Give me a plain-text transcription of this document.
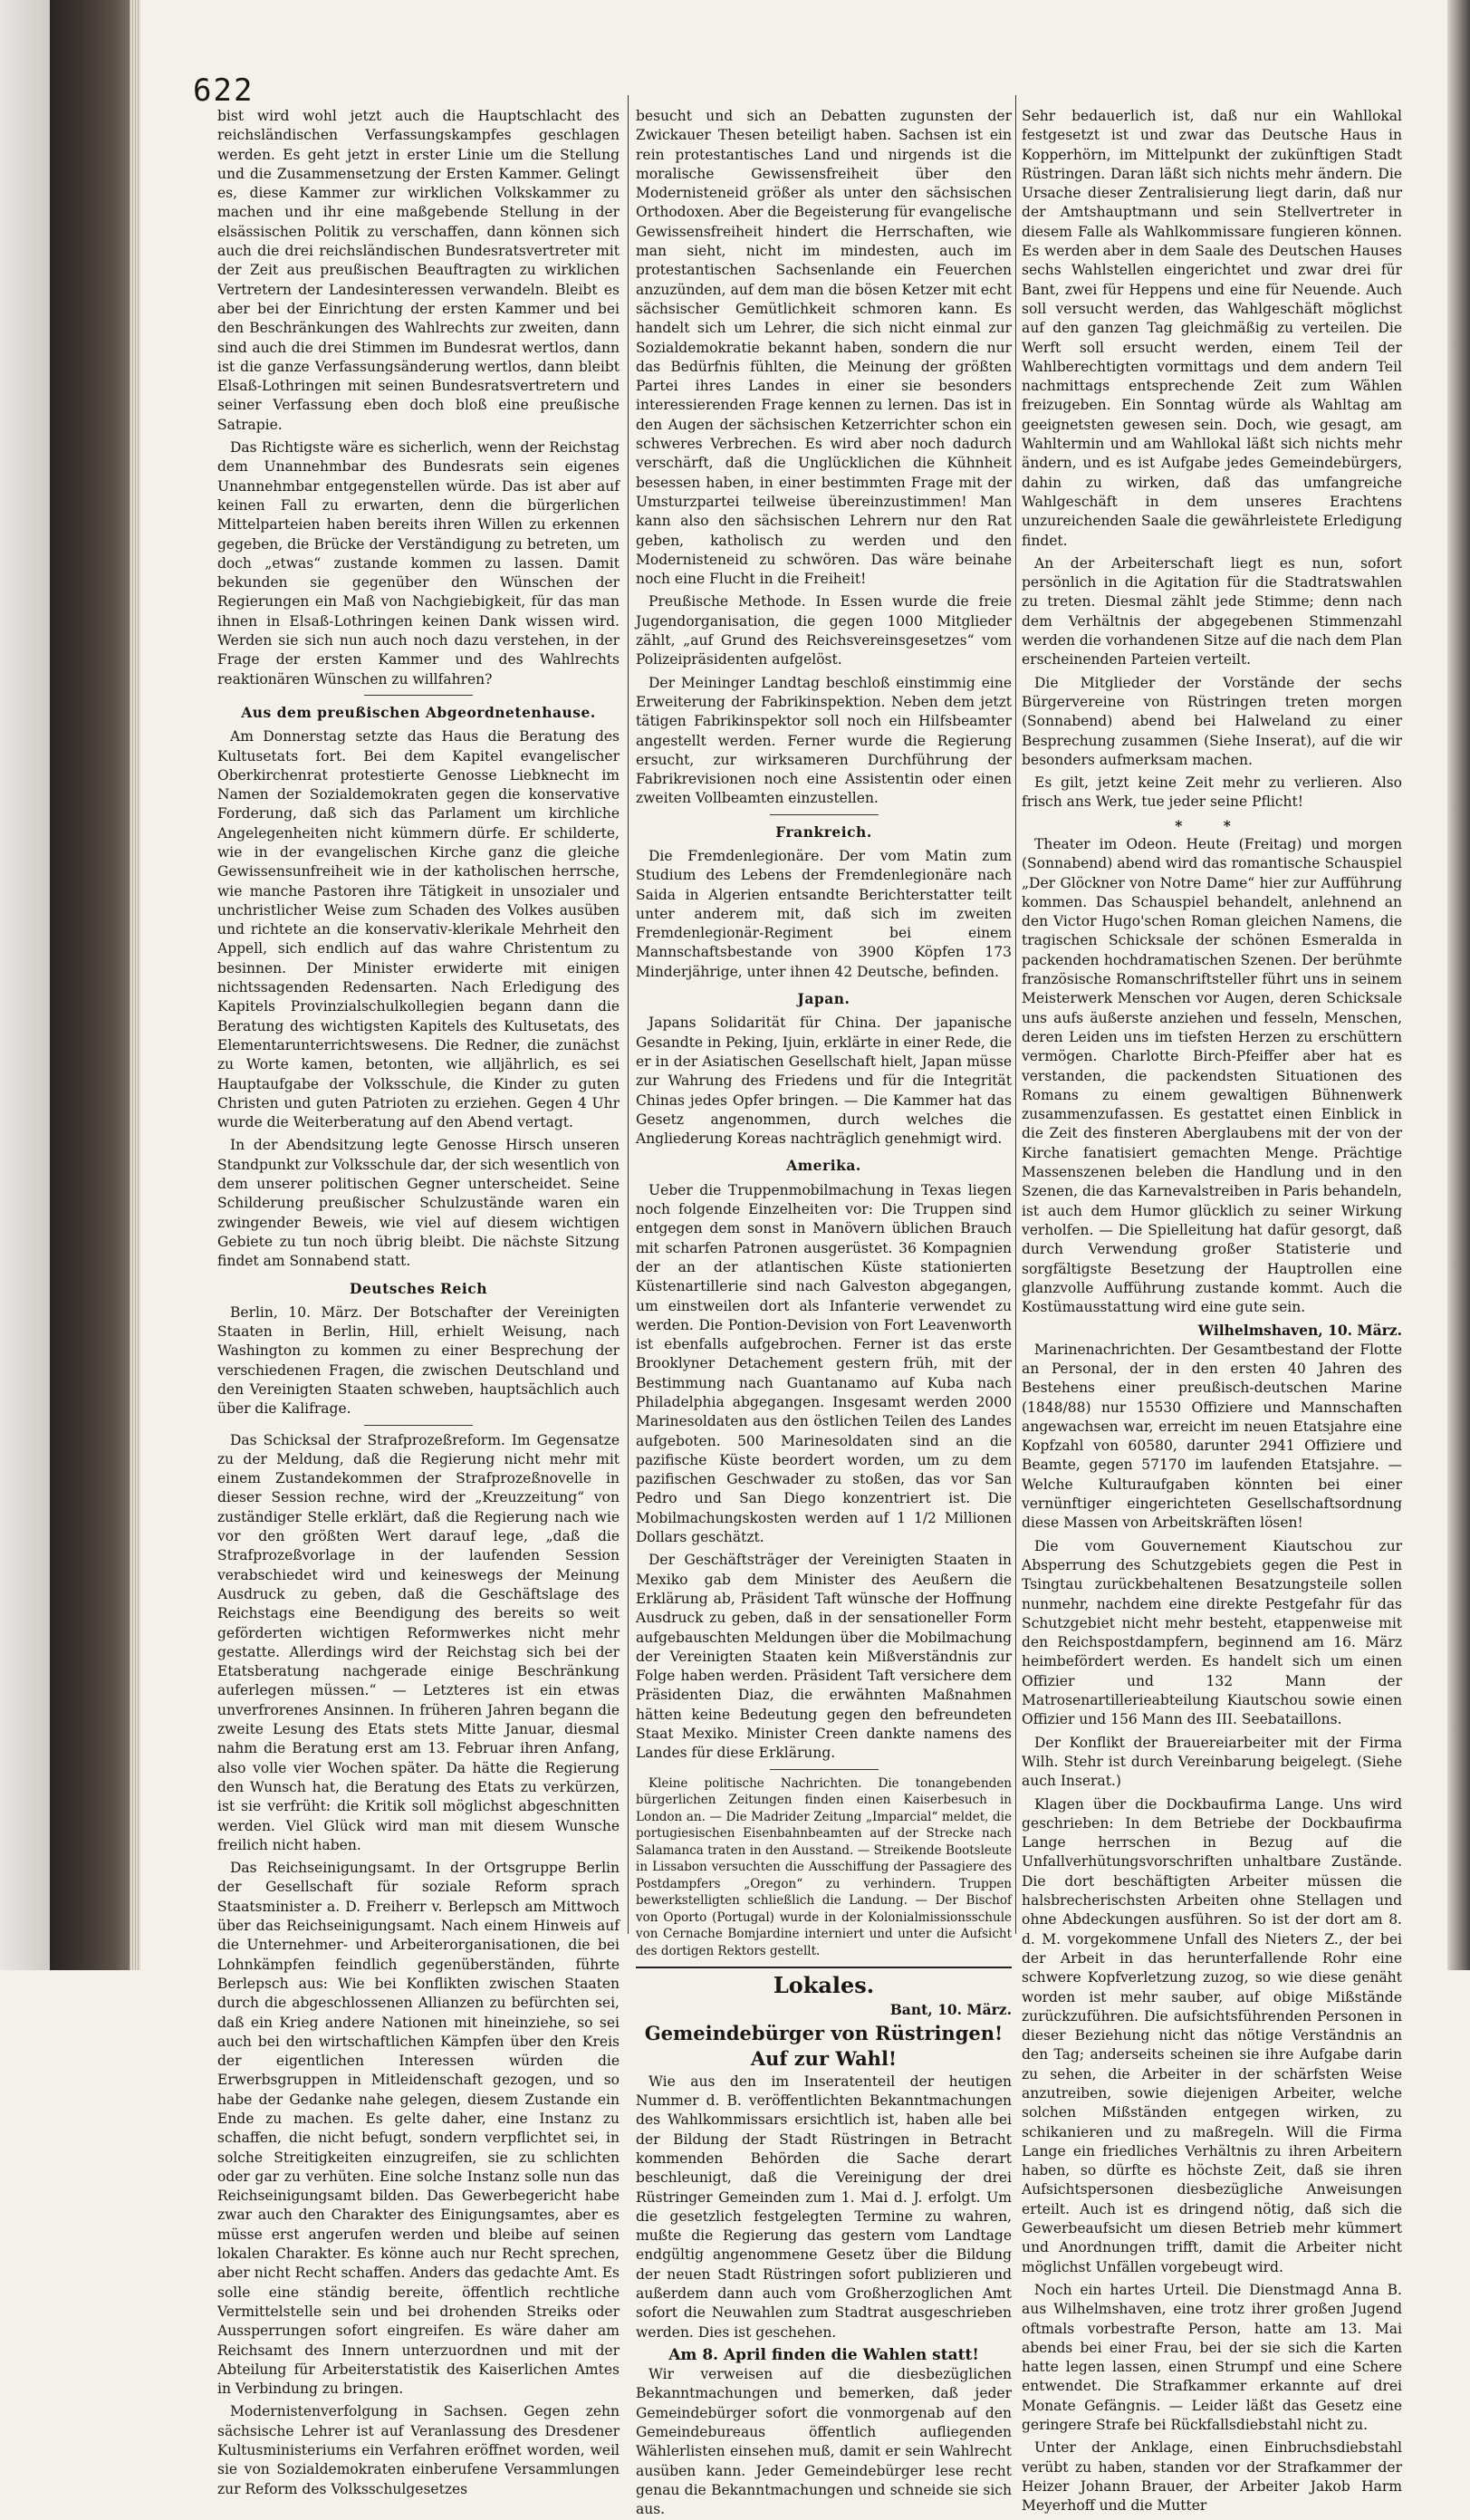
622

bist wird wohl jetzt auch die Hauptschlacht des reichsländischen Verfassungskampfes geschlagen werden. Es geht jetzt in erster Linie um die Stellung und die Zusammensetzung der Ersten Kammer. Gelingt es, diese Kammer zur wirklichen Volkskammer zu machen und ihr eine maßgebende Stellung in der elsässischen Politik zu verschaffen, dann können sich auch die drei reichsländischen Bundesratsvertreter mit der Zeit aus preußischen Beauftragten zu wirklichen Vertretern der Landesinteressen verwandeln. Bleibt es aber bei der Einrichtung der ersten Kammer und bei den Beschränkungen des Wahlrechts zur zweiten, dann sind auch die drei Stimmen im Bundesrat wertlos, dann ist die ganze Verfassungsänderung wertlos, dann bleibt Elsaß-Lothringen mit seinen Bundesratsvertretern und seiner Verfassung eben doch bloß eine preußische Satrapie.

Das Richtigste wäre es sicherlich, wenn der Reichstag dem Unannehmbar des Bundesrats sein eigenes Unannehmbar entgegenstellen würde. Das ist aber auf keinen Fall zu erwarten, denn die bürgerlichen Mittelparteien haben bereits ihren Willen zu erkennen gegeben, die Brücke der Verständigung zu betreten, um doch „etwas“ zustande kommen zu lassen. Damit bekunden sie gegenüber den Wünschen der Regierungen ein Maß von Nachgiebigkeit, für das man ihnen in Elsaß-Lothringen keinen Dank wissen wird. Werden sie sich nun auch noch dazu verstehen, in der Frage der ersten Kammer und des Wahlrechts reaktionären Wünschen zu willfahren?

Aus dem preußischen Abgeordnetenhause.

Am Donnerstag setzte das Haus die Beratung des Kultusetats fort. Bei dem Kapitel evangelischer Oberkirchenrat protestierte Genosse Liebknecht im Namen der Sozialdemokraten gegen die konservative Forderung, daß sich das Parlament um kirchliche Angelegenheiten nicht kümmern dürfe. Er schilderte, wie in der evangelischen Kirche ganz die gleiche Gewissensunfreiheit wie in der katholischen herrsche, wie manche Pastoren ihre Tätigkeit in unsozialer und unchristlicher Weise zum Schaden des Volkes ausüben und richtete an die konservativ-klerikale Mehrheit den Appell, sich endlich auf das wahre Christentum zu besinnen. Der Minister erwiderte mit einigen nichtssagenden Redensarten. Nach Erledigung des Kapitels Provinzialschulkollegien begann dann die Beratung des wichtigsten Kapitels des Kultusetats, des Elementarunterrichtswesens. Die Redner, die zunächst zu Worte kamen, betonten, wie alljährlich, es sei Hauptaufgabe der Volksschule, die Kinder zu guten Christen und guten Patrioten zu erziehen. Gegen 4 Uhr wurde die Weiterberatung auf den Abend vertagt.

In der Abendsitzung legte Genosse Hirsch unseren Standpunkt zur Volksschule dar, der sich wesentlich von dem unserer politischen Gegner unterscheidet. Seine Schilderung preußischer Schulzustände waren ein zwingender Beweis, wie viel auf diesem wichtigen Gebiete zu tun noch übrig bleibt. Die nächste Sitzung findet am Sonnabend statt.

Deutsches Reich

Berlin, 10. März. Der Botschafter der Vereinigten Staaten in Berlin, Hill, erhielt Weisung, nach Washington zu kommen zu einer Besprechung der verschiedenen Fragen, die zwischen Deutschland und den Vereinigten Staaten schweben, hauptsächlich auch über die Kalifrage.

Das Schicksal der Strafprozeßreform. Im Gegensatze zu der Meldung, daß die Regierung nicht mehr mit einem Zustandekommen der Strafprozeßnovelle in dieser Session rechne, wird der „Kreuzzeitung“ von zuständiger Stelle erklärt, daß die Regierung nach wie vor den größten Wert darauf lege, „daß die Strafprozeßvorlage in der laufenden Session verabschiedet wird und keineswegs der Meinung Ausdruck zu geben, daß die Geschäftslage des Reichstags eine Beendigung des bereits so weit geförderten wichtigen Reformwerkes nicht mehr gestatte. Allerdings wird der Reichstag sich bei der Etatsberatung nachgerade einige Beschränkung auferlegen müssen.“ — Letzteres ist ein etwas unverfrorenes Ansinnen. In früheren Jahren begann die zweite Lesung des Etats stets Mitte Januar, diesmal nahm die Beratung erst am 13. Februar ihren Anfang, also volle vier Wochen später. Da hätte die Regierung den Wunsch hat, die Beratung des Etats zu verkürzen, ist sie verfrüht: die Kritik soll möglichst abgeschnitten werden. Viel Glück wird man mit diesem Wunsche freilich nicht haben.

Das Reichseinigungsamt. In der Ortsgruppe Berlin der Gesellschaft für soziale Reform sprach Staatsminister a. D. Freiherr v. Berlepsch am Mittwoch über das Reichseinigungsamt. Nach einem Hinweis auf die Unternehmer- und Arbeiterorganisationen, die bei Lohnkämpfen feindlich gegenüberständen, führte Berlepsch aus: Wie bei Konflikten zwischen Staaten durch die abgeschlossenen Allianzen zu befürchten sei, daß ein Krieg andere Nationen mit hineinziehe, so sei auch bei den wirtschaftlichen Kämpfen über den Kreis der eigentlichen Interessen würden die Erwerbsgruppen in Mitleidenschaft gezogen, und so habe der Gedanke nahe gelegen, diesem Zustande ein Ende zu machen. Es gelte daher, eine Instanz zu schaffen, die nicht befugt, sondern verpflichtet sei, in solche Streitigkeiten einzugreifen, sie zu schlichten oder gar zu verhüten. Eine solche Instanz solle nun das Reichseinigungsamt bilden. Das Gewerbegericht habe zwar auch den Charakter des Einigungsamtes, aber es müsse erst angerufen werden und bleibe auf seinen lokalen Charakter. Es könne auch nur Recht sprechen, aber nicht Recht schaffen. Anders das gedachte Amt. Es solle eine ständig bereite, öffentlich rechtliche Vermittelstelle sein und bei drohenden Streiks oder Aussperrungen sofort eingreifen. Es wäre daher am Reichsamt des Innern unterzuordnen und mit der Abteilung für Arbeiterstatistik des Kaiserlichen Amtes in Verbindung zu bringen.

Modernistenverfolgung in Sachsen. Gegen zehn sächsische Lehrer ist auf Veranlassung des Dresdener Kultusministeriums ein Verfahren eröffnet worden, weil sie von Sozialdemokraten einberufene Versammlungen zur Reform des Volksschulgesetzes

besucht und sich an Debatten zugunsten der Zwickauer Thesen beteiligt haben. Sachsen ist ein rein protestantisches Land und nirgends ist die moralische Gewissensfreiheit über den Modernisteneid größer als unter den sächsischen Orthodoxen. Aber die Begeisterung für evangelische Gewissensfreiheit hindert die Herrschaften, wie man sieht, nicht im mindesten, auch im protestantischen Sachsenlande ein Feuerchen anzuzünden, auf dem man die bösen Ketzer mit echt sächsischer Gemütlichkeit schmoren kann. Es handelt sich um Lehrer, die sich nicht einmal zur Sozialdemokratie bekannt haben, sondern die nur das Bedürfnis fühlten, die Meinung der größten Partei ihres Landes in einer sie besonders interessierenden Frage kennen zu lernen. Das ist in den Augen der sächsischen Ketzerrichter schon ein schweres Verbrechen. Es wird aber noch dadurch verschärft, daß die Unglücklichen die Kühnheit besessen haben, in einer bestimmten Frage mit der Umsturzpartei teilweise übereinzustimmen! Man kann also den sächsischen Lehrern nur den Rat geben, katholisch zu werden und den Modernisteneid zu schwören. Das wäre beinahe noch eine Flucht in die Freiheit!

Preußische Methode. In Essen wurde die freie Jugendorganisation, die gegen 1000 Mitglieder zählt, „auf Grund des Reichsvereinsgesetzes“ vom Polizeipräsidenten aufgelöst.

Der Meininger Landtag beschloß einstimmig eine Erweiterung der Fabrikinspektion. Neben dem jetzt tätigen Fabrikinspektor soll noch ein Hilfsbeamter angestellt werden. Ferner wurde die Regierung ersucht, zur wirksameren Durchführung der Fabrikrevisionen noch eine Assistentin oder einen zweiten Vollbeamten einzustellen.

Frankreich.

Die Fremdenlegionäre. Der vom Matin zum Studium des Lebens der Fremdenlegionäre nach Saida in Algerien entsandte Berichterstatter teilt unter anderem mit, daß sich im zweiten Fremdenlegionär-Regiment bei einem Mannschaftsbestande von 3900 Köpfen 173 Minderjährige, unter ihnen 42 Deutsche, befinden.

Japan.

Japans Solidarität für China. Der japanische Gesandte in Peking, Ijuin, erklärte in einer Rede, die er in der Asiatischen Gesellschaft hielt, Japan müsse zur Wahrung des Friedens und für die Integrität Chinas jedes Opfer bringen. — Die Kammer hat das Gesetz angenommen, durch welches die Angliederung Koreas nachträglich genehmigt wird.

Amerika.

Ueber die Truppenmobilmachung in Texas liegen noch folgende Einzelheiten vor: Die Truppen sind entgegen dem sonst in Manövern üblichen Brauch mit scharfen Patronen ausgerüstet. 36 Kompagnien der an der atlantischen Küste stationierten Küstenartillerie sind nach Galveston abgegangen, um einstweilen dort als Infanterie verwendet zu werden. Die Pontion-Devision von Fort Leavenworth ist ebenfalls aufgebrochen. Ferner ist das erste Brooklyner Detachement gestern früh, mit der Bestimmung nach Guantanamo auf Kuba nach Philadelphia abgegangen. Insgesamt werden 2000 Marinesoldaten aus den östlichen Teilen des Landes aufgeboten. 500 Marinesoldaten sind an die pazifische Küste beordert worden, um zu dem pazifischen Geschwader zu stoßen, das vor San Pedro und San Diego konzentriert ist. Die Mobilmachungskosten werden auf 1 1/2 Millionen Dollars geschätzt.

Der Geschäftsträger der Vereinigten Staaten in Mexiko gab dem Minister des Aeußern die Erklärung ab, Präsident Taft wünsche der Hoffnung Ausdruck zu geben, daß in der sensationeller Form aufgebauschten Meldungen über die Mobilmachung der Vereinigten Staaten kein Mißverständnis zur Folge haben werden. Präsident Taft versichere dem Präsidenten Diaz, die erwähnten Maßnahmen hätten keine Bedeutung gegen den befreundeten Staat Mexiko. Minister Creen dankte namens des Landes für diese Erklärung.

Kleine politische Nachrichten. Die tonangebenden bürgerlichen Zeitungen finden einen Kaiserbesuch in London an. — Die Madrider Zeitung „Imparcial“ meldet, die portugiesischen Eisenbahnbeamten auf der Strecke nach Salamanca traten in den Ausstand. — Streikende Bootsleute in Lissabon versuchten die Ausschiffung der Passagiere des Postdampfers „Oregon“ zu verhindern. Truppen bewerkstelligten schließlich die Landung. — Der Bischof von Oporto (Portugal) wurde in der Kolonialmissionsschule von Cernache Bomjardine interniert und unter die Aufsicht des dortigen Rektors gestellt.

Lokales.
Bant, 10. März.
Gemeindebürger von Rüstringen!
Auf zur Wahl!

Wie aus den im Inseratenteil der heutigen Nummer d. B. veröffentlichten Bekanntmachungen des Wahlkommissars ersichtlich ist, haben alle bei der Bildung der Stadt Rüstringen in Betracht kommenden Behörden die Sache derart beschleunigt, daß die Vereinigung der drei Rüstringer Gemeinden zum 1. Mai d. J. erfolgt. Um die gesetzlich festgelegten Termine zu wahren, mußte die Regierung das gestern vom Landtage endgültig angenommene Gesetz über die Bildung der neuen Stadt Rüstringen sofort publizieren und außerdem dann auch vom Großherzoglichen Amt sofort die Neuwahlen zum Stadtrat ausgeschrieben werden. Dies ist geschehen.

Am 8. April finden die Wahlen statt!

Wir verweisen auf die diesbezüglichen Bekanntmachungen und bemerken, daß jeder Gemeindebürger sofort die vonmorgenab auf den Gemeindebureaus öffentlich aufliegenden Wählerlisten einsehen muß, damit er sein Wahlrecht ausüben kann. Jeder Gemeindebürger lese recht genau die Bekanntmachungen und schneide sie sich aus.

Sehr bedauerlich ist, daß nur ein Wahllokal festgesetzt ist und zwar das Deutsche Haus in Kopperhörn, im Mittelpunkt der zukünftigen Stadt Rüstringen. Daran läßt sich nichts mehr ändern. Die Ursache dieser Zentralisierung liegt darin, daß nur der Amtshauptmann und sein Stellvertreter in diesem Falle als Wahlkommissare fungieren können. Es werden aber in dem Saale des Deutschen Hauses sechs Wahlstellen eingerichtet und zwar drei für Bant, zwei für Heppens und eine für Neuende. Auch soll versucht werden, das Wahlgeschäft möglichst auf den ganzen Tag gleichmäßig zu verteilen. Die Werft soll ersucht werden, einem Teil der Wahlberechtigten vormittags und dem andern Teil nachmittags entsprechende Zeit zum Wählen freizugeben. Ein Sonntag würde als Wahltag am geeignetsten gewesen sein. Doch, wie gesagt, am Wahltermin und am Wahllokal läßt sich nichts mehr ändern, und es ist Aufgabe jedes Gemeindebürgers, dahin zu wirken, daß das umfangreiche Wahlgeschäft in dem unseres Erachtens unzureichenden Saale die gewährleistete Erledigung findet.

An der Arbeiterschaft liegt es nun, sofort persönlich in die Agitation für die Stadtratswahlen zu treten. Diesmal zählt jede Stimme; denn nach dem Verhältnis der abgegebenen Stimmenzahl werden die vorhandenen Sitze auf die nach dem Plan erscheinenden Parteien verteilt.

Die Mitglieder der Vorstände der sechs Bürgervereine von Rüstringen treten morgen (Sonnabend) abend bei Halweland zu einer Besprechung zusammen (Siehe Inserat), auf die wir besonders aufmerksam machen.

Es gilt, jetzt keine Zeit mehr zu verlieren. Also frisch ans Werk, tue jeder seine Pflicht!

* *

Theater im Odeon. Heute (Freitag) und morgen (Sonnabend) abend wird das romantische Schauspiel „Der Glöckner von Notre Dame“ hier zur Aufführung kommen. Das Schauspiel behandelt, anlehnend an den Victor Hugo'schen Roman gleichen Namens, die tragischen Schicksale der schönen Esmeralda in packenden hochdramatischen Szenen. Der berühmte französische Romanschriftsteller führt uns in seinem Meisterwerk Menschen vor Augen, deren Schicksale uns aufs äußerste anziehen und fesseln, Menschen, deren Leiden uns im tiefsten Herzen zu erschüttern vermögen. Charlotte Birch-Pfeiffer aber hat es verstanden, die packendsten Situationen des Romans zu einem gewaltigen Bühnenwerk zusammenzufassen. Es gestattet einen Einblick in die Zeit des finsteren Aberglaubens mit der von der Kirche fanatisiert gemachten Menge. Prächtige Massenszenen beleben die Handlung und in den Szenen, die das Karnevalstreiben in Paris behandeln, ist auch dem Humor glücklich zu seiner Wirkung verholfen. — Die Spielleitung hat dafür gesorgt, daß durch Verwendung großer Statisterie und sorgfältigste Besetzung der Hauptrollen eine glanzvolle Aufführung zustande kommt. Auch die Kostümausstattung wird eine gute sein.

Wilhelmshaven, 10. März.

Marinenachrichten. Der Gesamtbestand der Flotte an Personal, der in den ersten 40 Jahren des Bestehens einer preußisch-deutschen Marine (1848/88) nur 15530 Offiziere und Mannschaften angewachsen war, erreicht im neuen Etatsjahre eine Kopfzahl von 60580, darunter 2941 Offiziere und Beamte, gegen 57170 im laufenden Etatsjahre. — Welche Kulturaufgaben könnten bei einer vernünftiger eingerichteten Gesellschaftsordnung diese Massen von Arbeitskräften lösen!

Die vom Gouvernement Kiautschou zur Absperrung des Schutzgebiets gegen die Pest in Tsingtau zurückbehaltenen Besatzungsteile sollen nunmehr, nachdem eine direkte Pestgefahr für das Schutzgebiet nicht mehr besteht, etappenweise mit den Reichspostdampfern, beginnend am 16. März heimbefördert werden. Es handelt sich um einen Offizier und 132 Mann der Matrosenartillerieabteilung Kiautschou sowie einen Offizier und 156 Mann des III. Seebataillons.

Der Konflikt der Brauereiarbeiter mit der Firma Wilh. Stehr ist durch Vereinbarung beigelegt. (Siehe auch Inserat.)

Klagen über die Dockbaufirma Lange. Uns wird geschrieben: In dem Betriebe der Dockbaufirma Lange herrschen in Bezug auf die Unfallverhütungsvorschriften unhaltbare Zustände. Die dort beschäftigten Arbeiter müssen die halsbrecherischsten Arbeiten ohne Stellagen und ohne Abdeckungen ausführen. So ist der dort am 8. d. M. vorgekommene Unfall des Nieters Z., der bei der Arbeit in das herunterfallende Rohr eine schwere Kopfverletzung zuzog, so wie diese genäht worden ist mehr sauber, auf obige Mißstände zurückzuführen. Die aufsichtsführenden Personen in dieser Beziehung nicht das nötige Verständnis an den Tag; anderseits scheinen sie ihre Aufgabe darin zu sehen, die Arbeiter in der schärfsten Weise anzutreiben, sowie diejenigen Arbeiter, welche solchen Mißständen entgegen wirken, zu schikanieren und zu maßregeln. Will die Firma Lange ein friedliches Verhältnis zu ihren Arbeitern haben, so dürfte es höchste Zeit, daß sie ihren Aufsichtspersonen diesbezügliche Anweisungen erteilt. Auch ist es dringend nötig, daß sich die Gewerbeaufsicht um diesen Betrieb mehr kümmert und Anordnungen trifft, damit die Arbeiter nicht möglichst Unfällen vorgebeugt wird.

Noch ein hartes Urteil. Die Dienstmagd Anna B. aus Wilhelmshaven, eine trotz ihrer großen Jugend oftmals vorbestrafte Person, hatte am 13. Mai abends bei einer Frau, bei der sie sich die Karten hatte legen lassen, einen Strumpf und eine Schere entwendet. Die Strafkammer erkannte auf drei Monate Gefängnis. — Leider läßt das Gesetz eine geringere Strafe bei Rückfallsdiebstahl nicht zu.

Unter der Anklage, einen Einbruchsdiebstahl verübt zu haben, standen vor der Strafkammer der Heizer Johann Brauer, der Arbeiter Jakob Harm Meyerhoff und die Mutter
